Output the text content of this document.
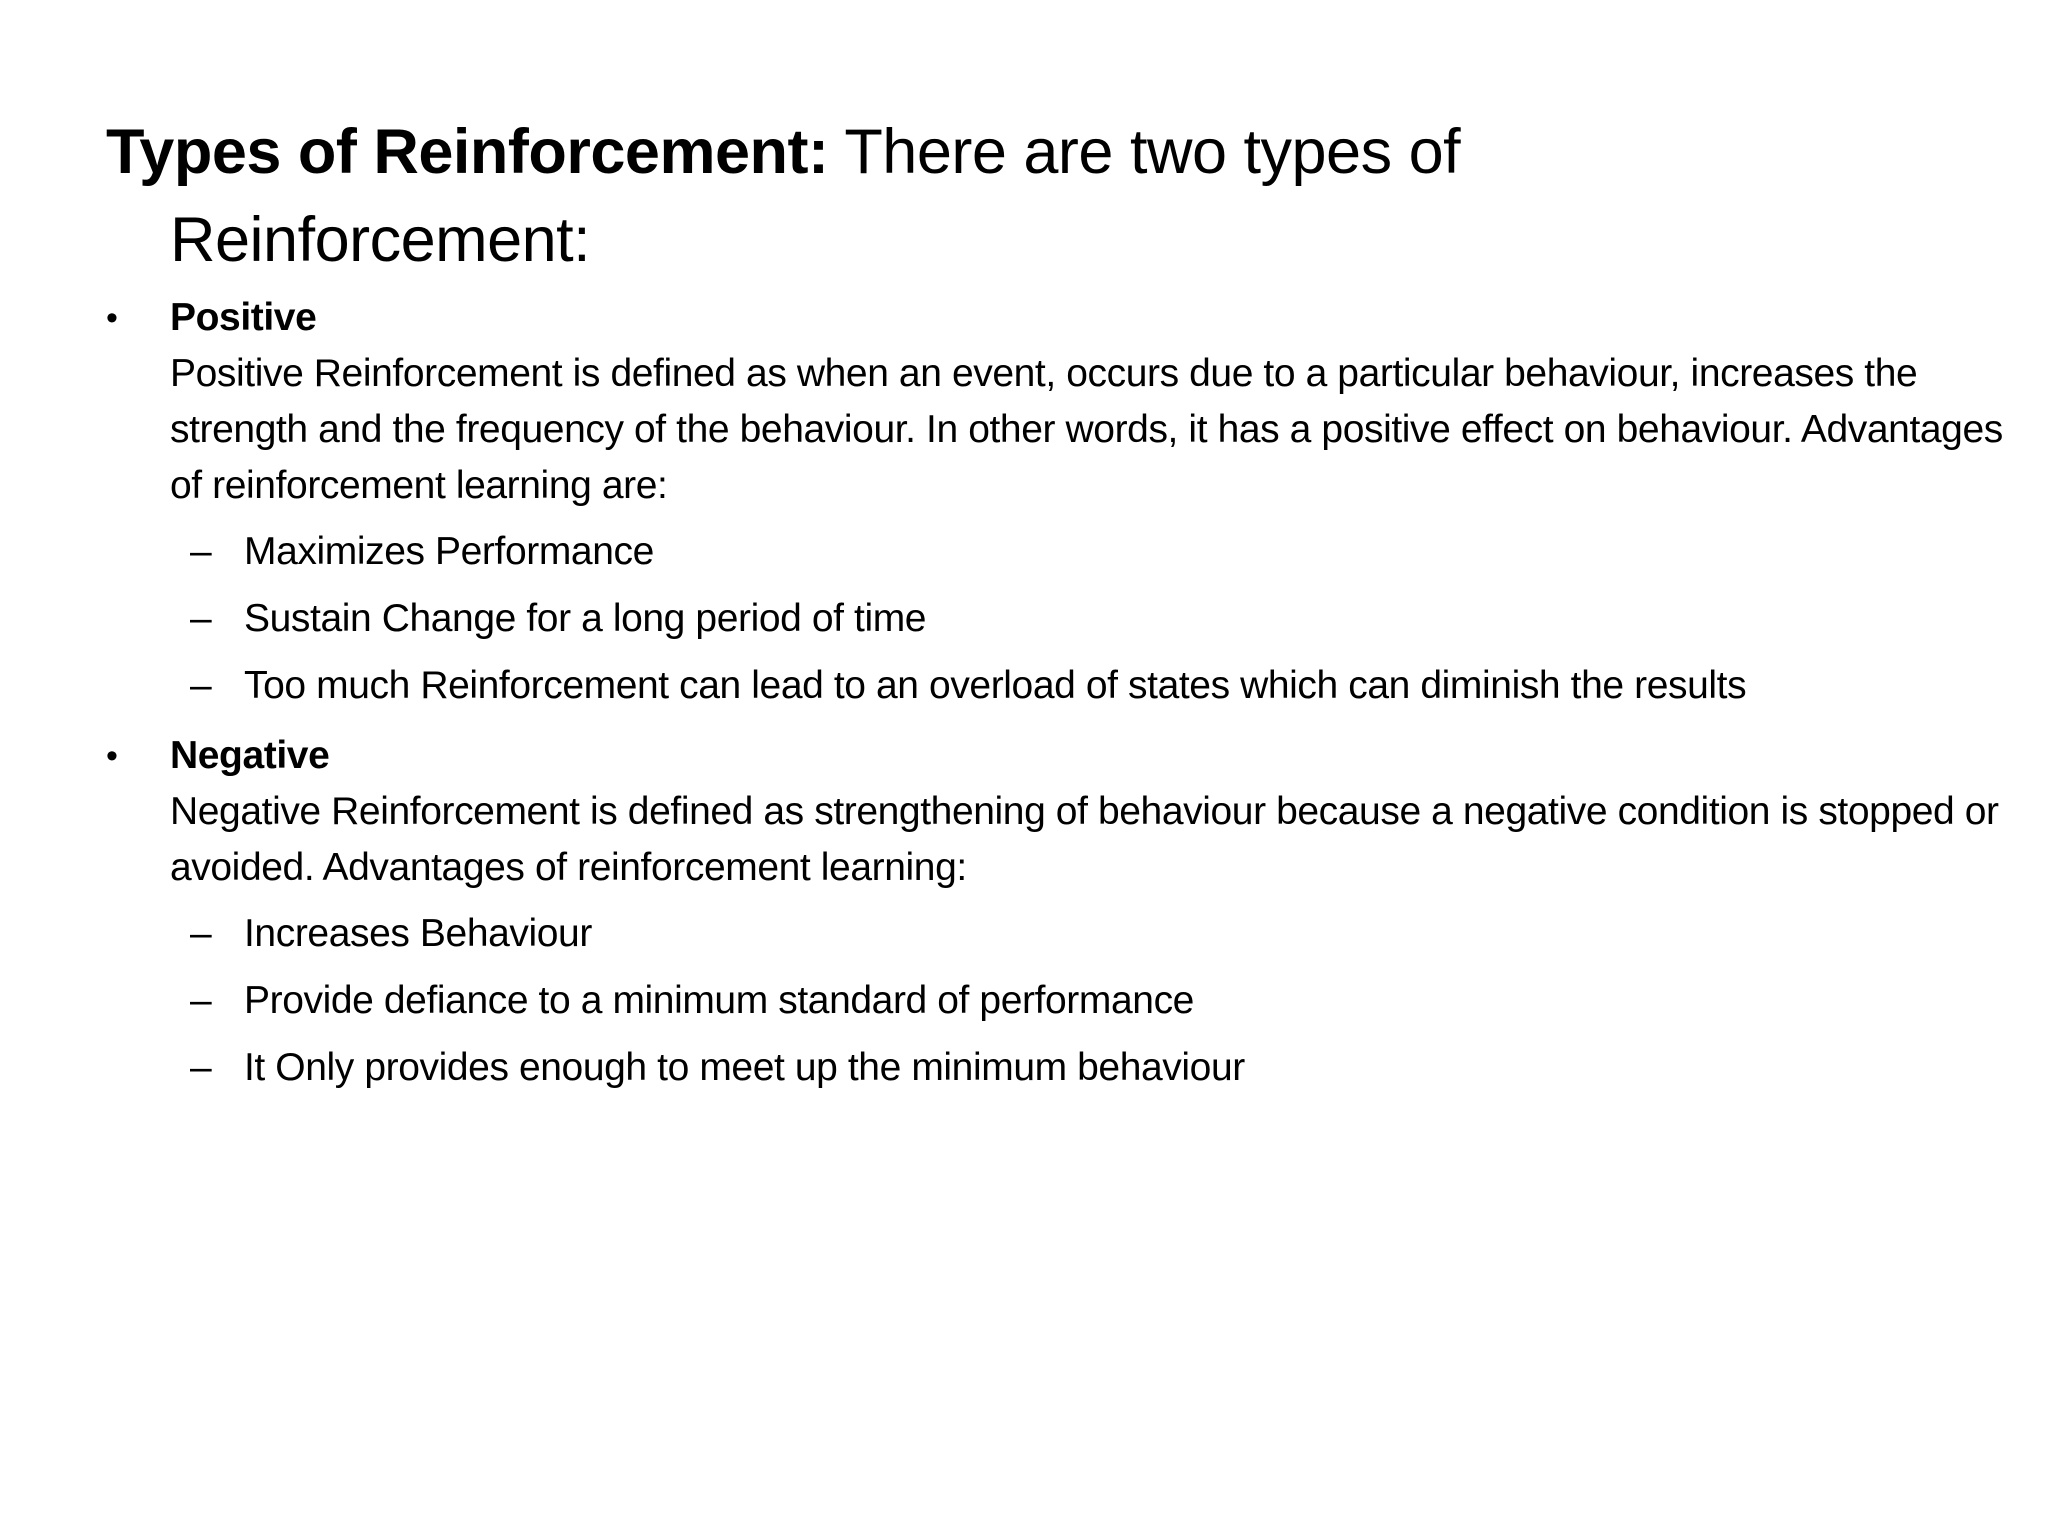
Types of Reinforcement: There are two types of
Reinforcement:
• Positive
Positive Reinforcement is defined as when an event, occurs due to a particular behaviour, increases the strength and the frequency of the behaviour. In other words, it has a positive effect on behaviour. Advantages of reinforcement learning are:
– Maximizes Performance
– Sustain Change for a long period of time
– Too much Reinforcement can lead to an overload of states which can diminish the results
• Negative
Negative Reinforcement is defined as strengthening of behaviour because a negative condition is stopped or avoided. Advantages of reinforcement learning:
– Increases Behaviour
– Provide defiance to a minimum standard of performance
– It Only provides enough to meet up the minimum behaviour
